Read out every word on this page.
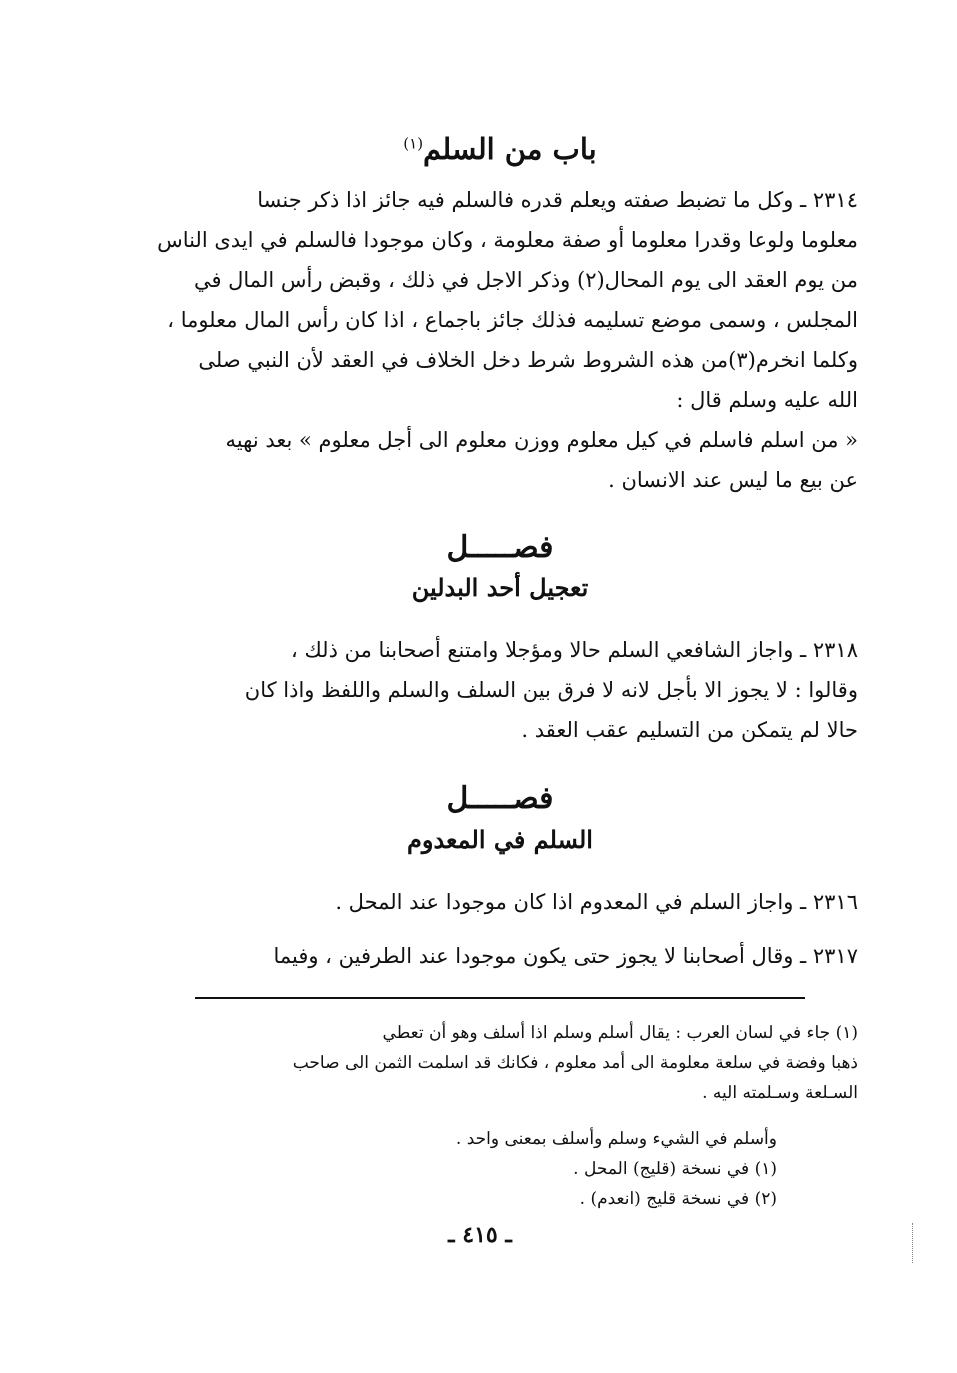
باب من السلم$^{(١)}$
٢٣١٤ ـ وكل ما تضبط صفته ويعلم قدره فالسلم فيه جائز اذا ذكر جنسا
معلوما ولوعا وقدرا معلوما أو صفة معلومة ، وكان موجودا فالسلم في ايدى الناس
من يوم العقد الى يوم المحال(٢) وذكر الاجل في ذلك ، وقبض رأس المال في
المجلس ، وسمى موضع تسليمه فذلك جائز باجماع ، اذا كان رأس المال معلوما ،
وكلما انخرم(٣)من هذه الشروط شرط دخل الخلاف في العقد لأن النبي صلى
الله عليه وسلم قال :
« من اسلم فاسلم في كيل معلوم ووزن معلوم الى أجل معلوم » بعد نهيه
عن بيع ما ليس عند الانسان .
فصـــــل
تعجيل أحد البدلين
٢٣١٨ ـ واجاز الشافعي السلم حالا ومؤجلا وامتنع أصحابنا من ذلك ،
وقالوا : لا يجوز الا بأجل لانه لا فرق بين السلف والسلم واللفظ واذا كان
حالا لم يتمكن من التسليم عقب العقد .
فصـــــل
السلم في المعدوم
٢٣١٦ ـ واجاز السلم في المعدوم اذا كان موجودا عند المحل .
٢٣١٧ ـ وقال أصحابنا لا يجوز حتى يكون موجودا عند الطرفين ، وفيما
(١) جاء في لسان العرب : يقال أسلم وسلم اذا أسلف وهو أن تعطي
ذهبا وفضة في سلعة معلومة الى أمد معلوم ، فكانك قد اسلمت الثمن الى صاحب
السـلعة وسـلمته اليه .
وأسلم في الشيء وسلم وأسلف بمعنى واحد .
(١) في نسخة (قليج) المحل .
(٢) في نسخة قليج (انعدم) .
ـ ٤١٥ ـ
